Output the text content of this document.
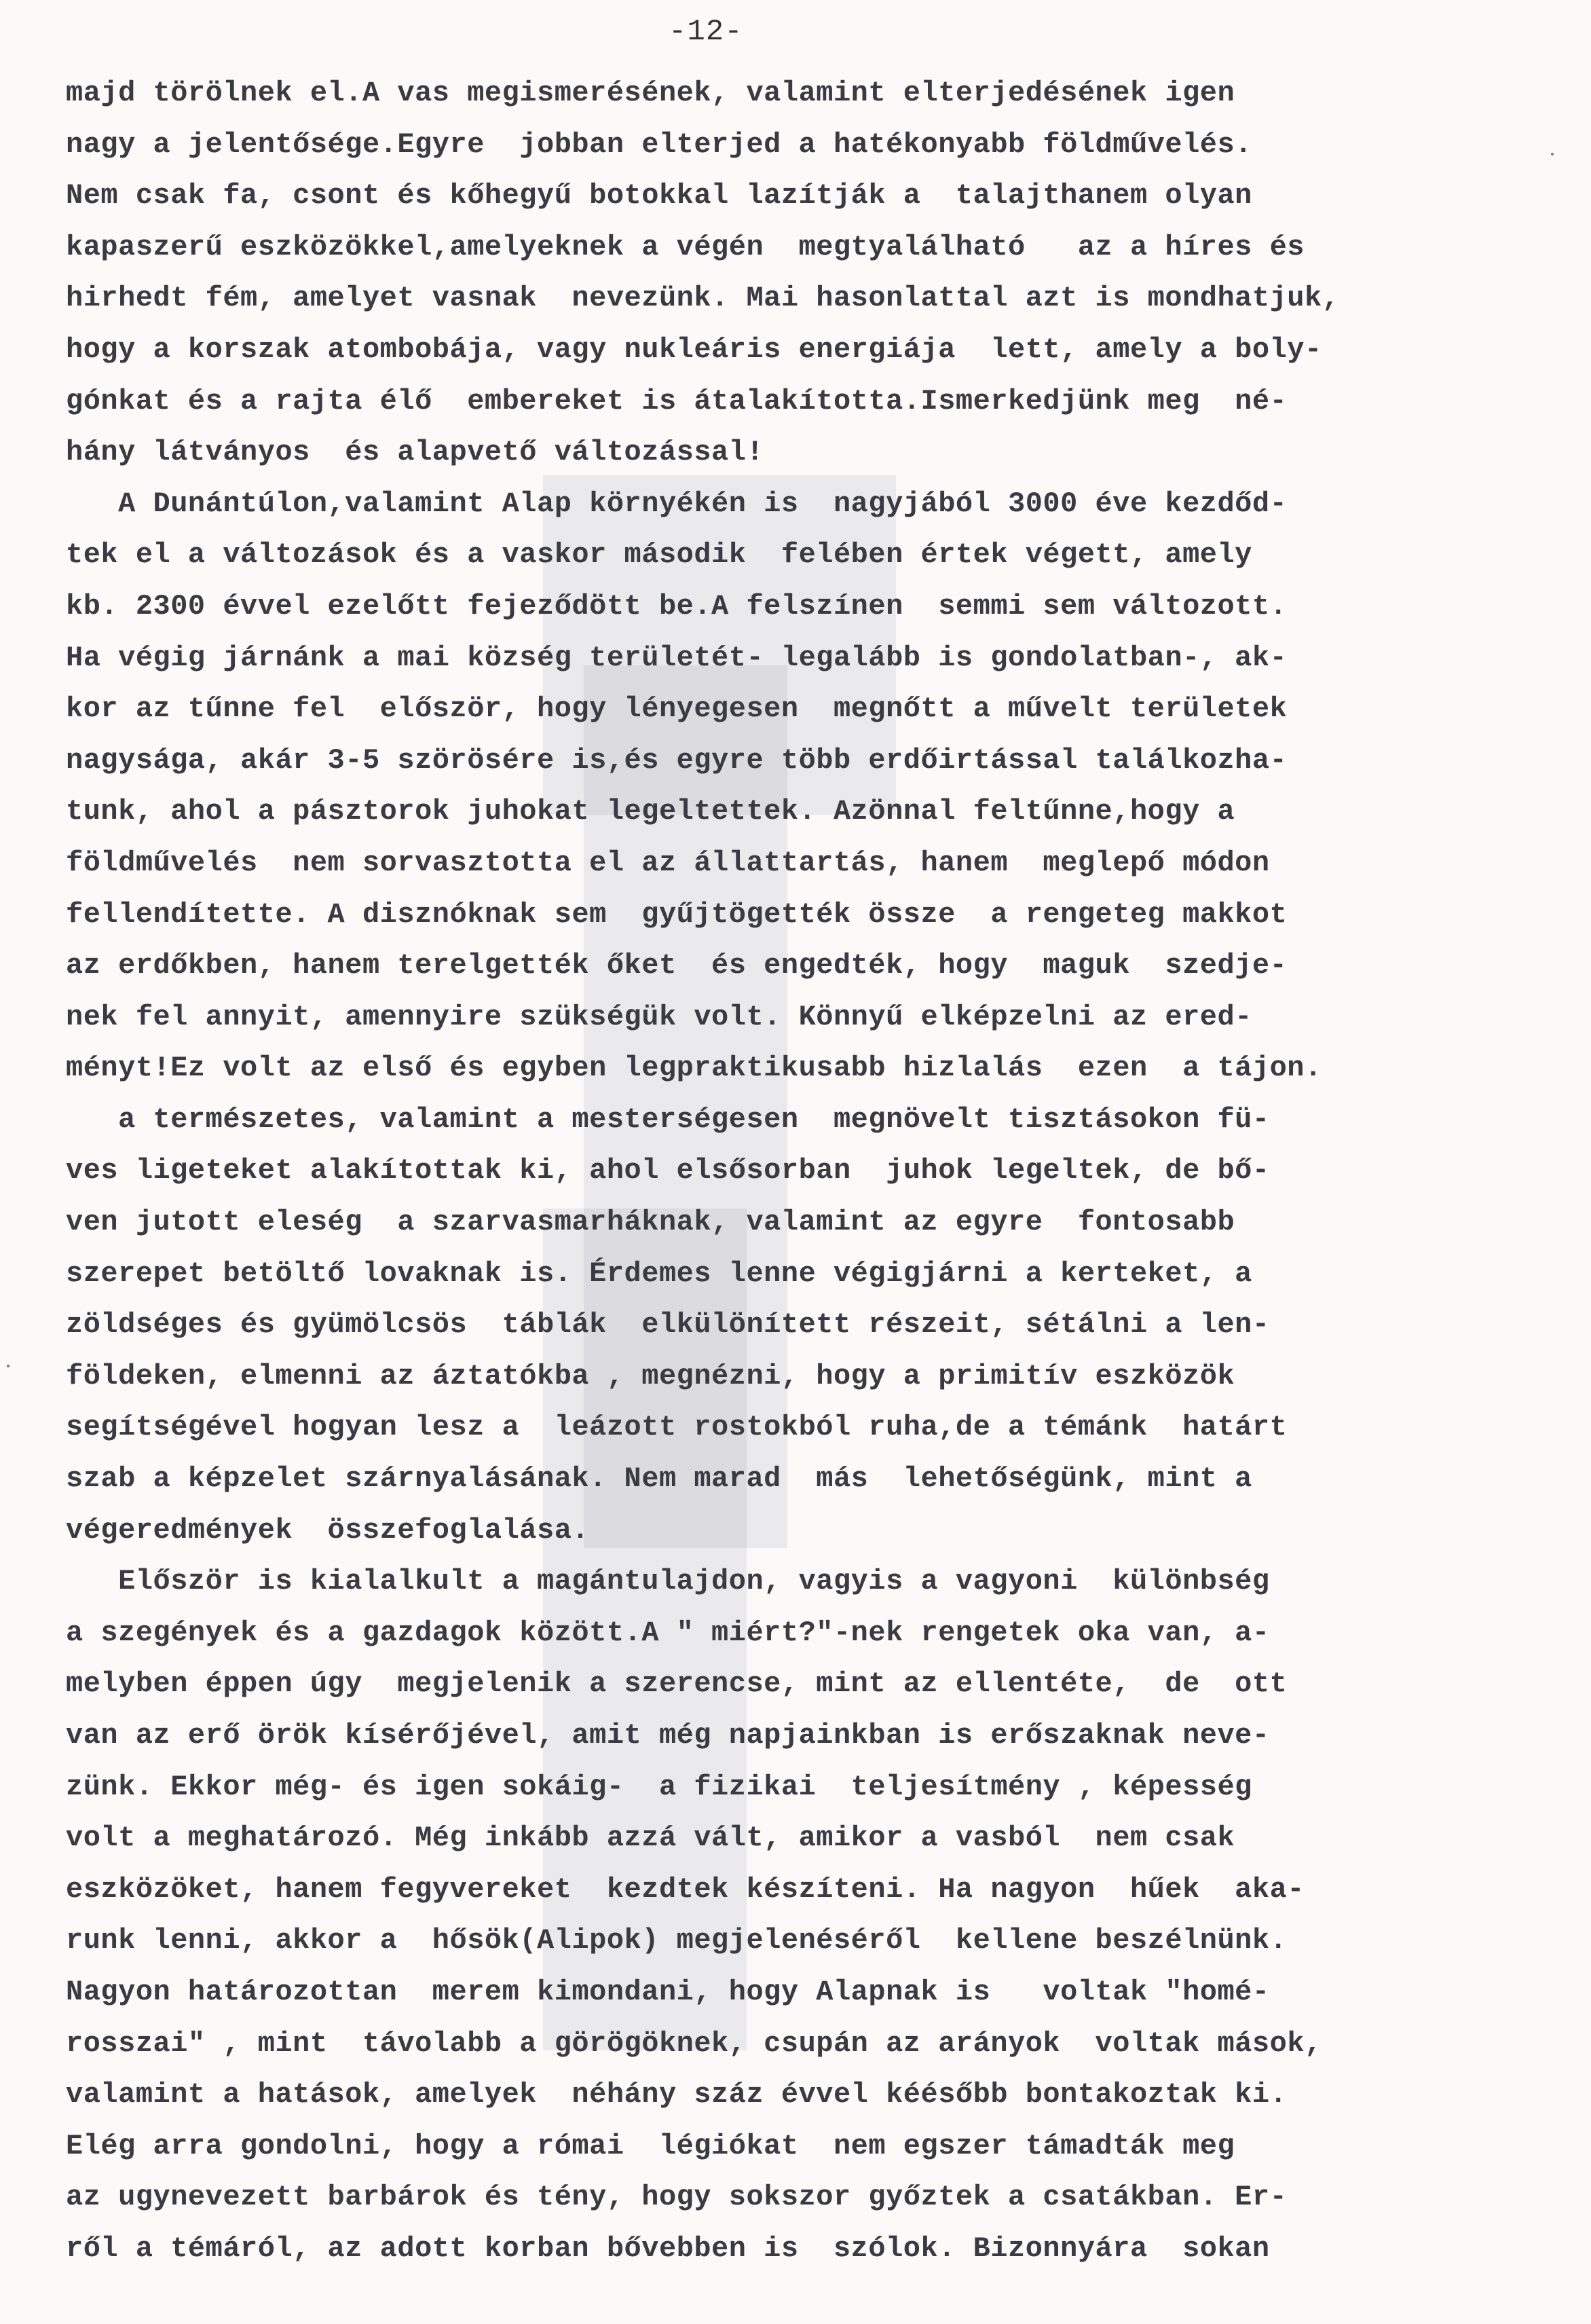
-12-

majd törölnek el.A vas megismerésének, valamint elterjedésének igen
nagy a jelentősége.Egyre  jobban elterjed a hatékonyabb földművelés.
Nem csak fa, csont és kőhegyű botokkal lazítják a  talajthanem olyan
kapaszerű eszközökkel,amelyeknek a végén  megtyalálható   az a híres és
hirhedt fém, amelyet vasnak  nevezünk. Mai hasonlattal azt is mondhatjuk,
hogy a korszak atombobája, vagy nukleáris energiája  lett, amely a boly-
gónkat és a rajta élő  embereket is átalakította.Ismerkedjünk meg  né-
hány látványos  és alapvető változással!
A Dunántúlon,valamint Alap környékén is  nagyjából 3000 éve kezdőd-
tek el a változások és a vaskor második  felében értek végett, amely
kb. 2300 évvel ezelőtt fejeződött be.A felszínen  semmi sem változott.
Ha végig járnánk a mai község területét- legalább is gondolatban-, ak-
kor az tűnne fel  először, hogy lényegesen  megnőtt a művelt területek
nagysága, akár 3-5 szörösére is,és egyre több erdőirtással találkozha-
tunk, ahol a pásztorok juhokat legeltettek. Azönnal feltűnne,hogy a
földművelés  nem sorvasztotta el az állattartás, hanem  meglepő módon
fellendítette. A disznóknak sem  gyűjtögették össze  a rengeteg makkot
az erdőkben, hanem terelgették őket  és engedték, hogy  maguk  szedje-
nek fel annyit, amennyire szükségük volt. Könnyű elképzelni az ered-
ményt!Ez volt az első és egyben legpraktikusabb hizlalás  ezen  a tájon.
a természetes, valamint a mesterségesen  megnövelt tisztásokon fü-
ves ligeteket alakítottak ki, ahol elsősorban  juhok legeltek, de bő-
ven jutott eleség  a szarvasmarháknak, valamint az egyre  fontosabb
szerepet betöltő lovaknak is. Érdemes lenne végigjárni a kerteket, a
zöldséges és gyümölcsös  táblák  elkülönített részeit, sétálni a len-
földeken, elmenni az áztatókba , megnézni, hogy a primitív eszközök
segítségével hogyan lesz a  leázott rostokból ruha,de a témánk  határt
szab a képzelet szárnyalásának. Nem marad  más  lehetőségünk, mint a
végeredmények  összefoglalása.
Először is kialalkult a magántulajdon, vagyis a vagyoni  különbség
a szegények és a gazdagok között.A " miért?"-nek rengetek oka van, a-
melyben éppen úgy  megjelenik a szerencse, mint az ellentéte,  de  ott
van az erő örök kísérőjével, amit még napjainkban is erőszaknak neve-
zünk. Ekkor még- és igen sokáig-  a fizikai  teljesítmény , képesség
volt a meghatározó. Még inkább azzá vált, amikor a vasból  nem csak
eszközöket, hanem fegyvereket  kezdtek készíteni. Ha nagyon  hűek  aka-
runk lenni, akkor a  hősök(Alipok) megjelenéséről  kellene beszélnünk.
Nagyon határozottan  merem kimondani, hogy Alapnak is   voltak "homé-
rosszai" , mint  távolabb a görögöknek, csupán az arányok  voltak mások,
valamint a hatások, amelyek  néhány száz évvel kéésőbb bontakoztak ki.
Elég arra gondolni, hogy a római  légiókat  nem egszer támadták meg
az ugynevezett barbárok és tény, hogy sokszor győztek a csatákban. Er-
ről a témáról, az adott korban bővebben is  szólok. Bizonnyára  sokan
